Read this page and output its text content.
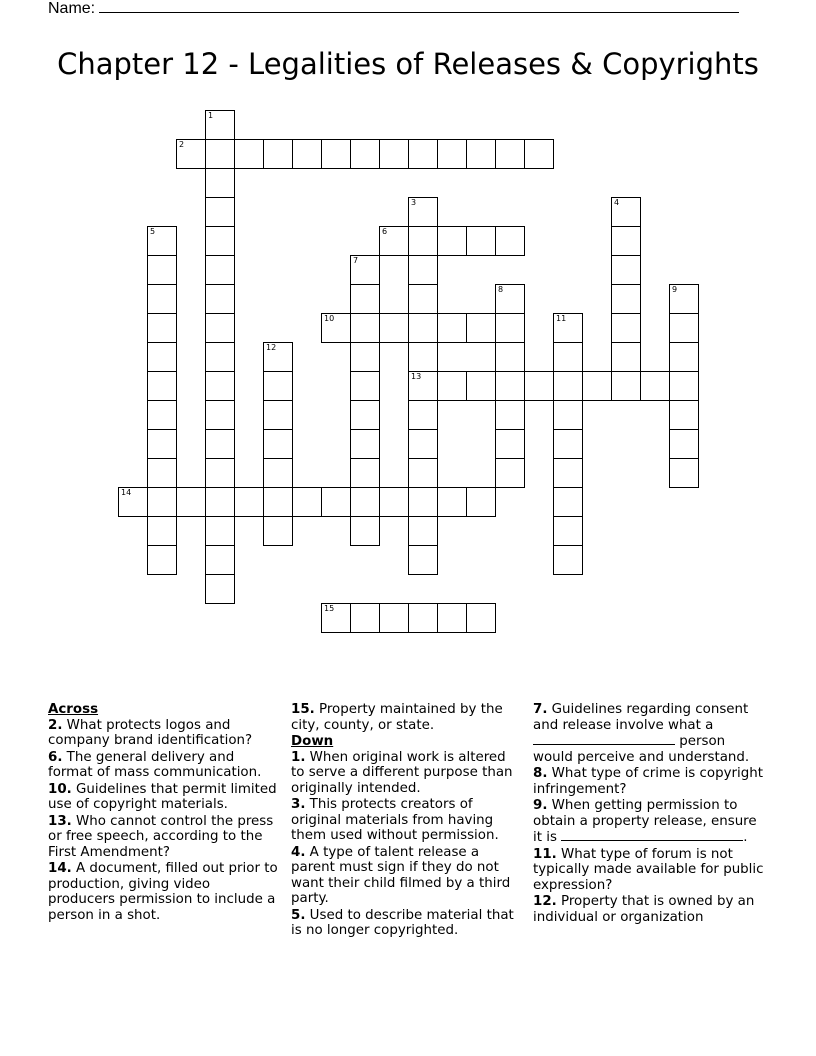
Name:
Chapter 12 - Legalities of Releases & Copyrights
1
2
3
13
4
5	6
7
8	9
10	11
12
14
15
Across
2. What protects logos and company brand identification?
6. The general delivery and format of mass communication.
10. Guidelines that permit limited use of copyright materials.
13. Who cannot control the press or free speech, according to the First Amendment?
14. A document, filled out prior to production, giving video producers permission to include a person in a shot.
15. Property maintained by the city, county, or state.
Down
1. When original work is altered to serve a different purpose than originally intended.
3. This protects creators of original materials from having them used without permission.
4. A type of talent release a parent must sign if they do not want their child filmed by a third party.
5. Used to describe material that is no longer copyrighted.
7. Guidelines regarding consent and release involve what a  person would perceive and understand.
8. What type of crime is copyright infringement?
9. When getting permission to obtain a property release, ensure it is	.
11. What type of forum is not typically made available for public expression?
12. Property that is owned by an individual or organization
